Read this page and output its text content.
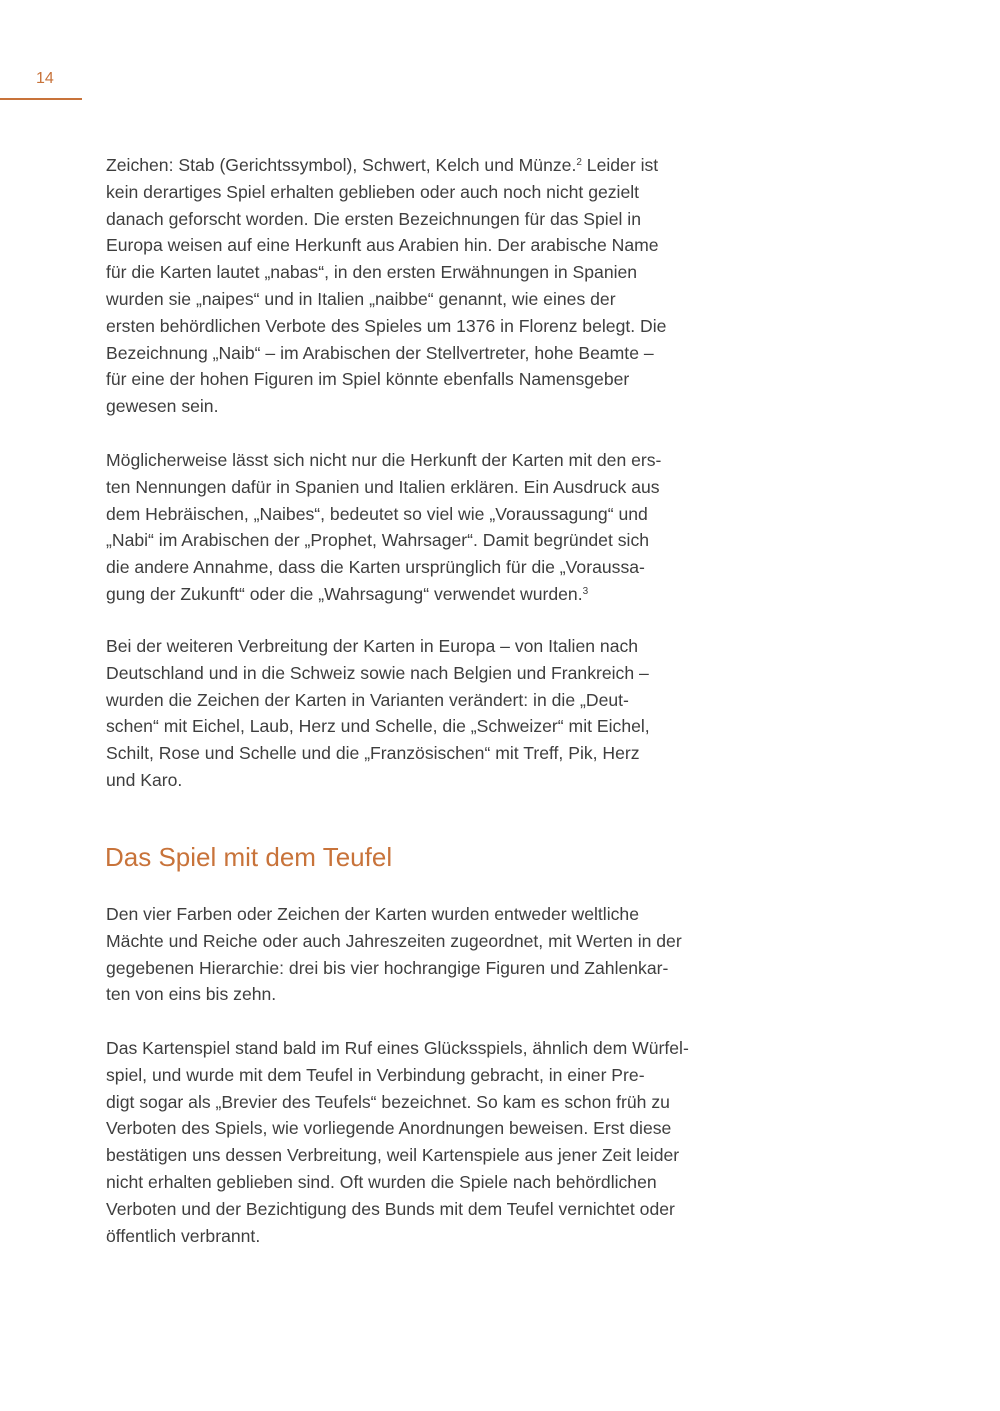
14
Zeichen: Stab (Gerichtssymbol), Schwert, Kelch und Münze.$^2$ Leider ist
kein derartiges Spiel erhalten geblieben oder auch noch nicht gezielt
danach geforscht worden. Die ersten Bezeichnungen für das Spiel in
Europa weisen auf eine Herkunft aus Arabien hin. Der arabische Name
für die Karten lautet „nabas“, in den ersten Erwähnungen in Spanien
wurden sie „naipes“ und in Italien „naibbe“ genannt, wie eines der
ersten behördlichen Verbote des Spieles um 1376 in Florenz belegt. Die
Bezeichnung „Naib“ – im Arabischen der Stellvertreter, hohe Beamte –
für eine der hohen Figuren im Spiel könnte ebenfalls Namensgeber
gewesen sein.
Möglicherweise lässt sich nicht nur die Herkunft der Karten mit den ers-
ten Nennungen dafür in Spanien und Italien erklären. Ein Ausdruck aus
dem Hebräischen, „Naibes“, bedeutet so viel wie „Voraussagung“ und
„Nabi“ im Arabischen der „Prophet, Wahrsager“. Damit begründet sich
die andere Annahme, dass die Karten ursprünglich für die „Voraussa-
gung der Zukunft“ oder die „Wahrsagung“ verwendet wurden.$^3$
Bei der weiteren Verbreitung der Karten in Europa – von Italien nach
Deutschland und in die Schweiz sowie nach Belgien und Frankreich –
wurden die Zeichen der Karten in Varianten verändert: in die „Deut-
schen“ mit Eichel, Laub, Herz und Schelle, die „Schweizer“ mit Eichel,
Schilt, Rose und Schelle und die „Französischen“ mit Treff, Pik, Herz
und Karo.
Das Spiel mit dem Teufel
Den vier Farben oder Zeichen der Karten wurden entweder weltliche
Mächte und Reiche oder auch Jahreszeiten zugeordnet, mit Werten in der
gegebenen Hierarchie: drei bis vier hochrangige Figuren und Zahlenkar-
ten von eins bis zehn.
Das Kartenspiel stand bald im Ruf eines Glücksspiels, ähnlich dem Würfel-
spiel, und wurde mit dem Teufel in Verbindung gebracht, in einer Pre-
digt sogar als „Brevier des Teufels“ bezeichnet. So kam es schon früh zu
Verboten des Spiels, wie vorliegende Anordnungen beweisen. Erst diese
bestätigen uns dessen Verbreitung, weil Kartenspiele aus jener Zeit leider
nicht erhalten geblieben sind. Oft wurden die Spiele nach behördlichen
Verboten und der Bezichtigung des Bunds mit dem Teufel vernichtet oder
öffentlich verbrannt.
